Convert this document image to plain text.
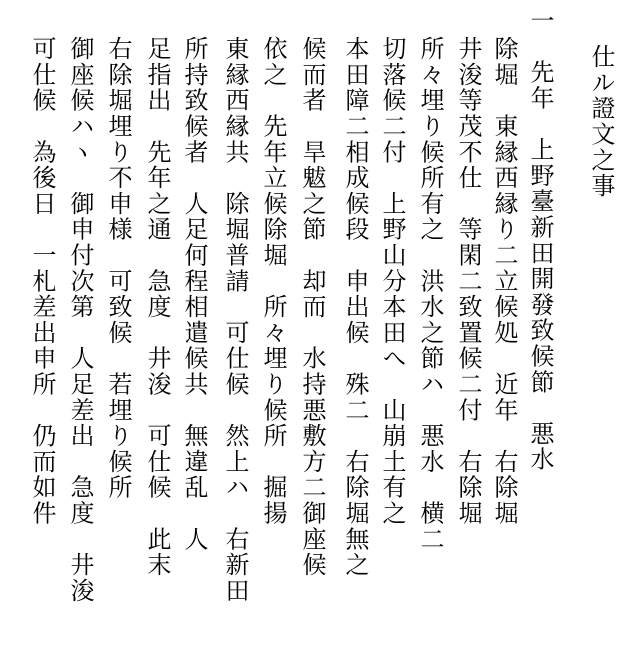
仕ル證文之事
一　先年　上野臺新田開發致候節　悪水
除堀　東縁西縁り二立候処　近年　右除堀
井浚等茂不仕　等閑二致置候二付　右除堀
所々埋り候所有之　洪水之節ハ　悪水　横二
切落候二付　上野山分本田へ　山崩土有之
本田障二相成候段　申出候　殊二　右除堀無之
候而者　旱魃之節　却而　水持悪敷方二御座候
依之　先年立候除堀　所々埋り候所　掘揚
東縁西縁共　除堀普請　可仕候　然上ハ　右新田
所持致候者　人足何程相遣候共　無違乱　人
足指出　先年之通　急度　井浚　可仕候　此末
右除堀埋り不申様　可致候　若埋り候所
御座候ハヽ　御申付次第　人足差出　急度　井浚
可仕候　為後日　一札差出申所　仍而如件
